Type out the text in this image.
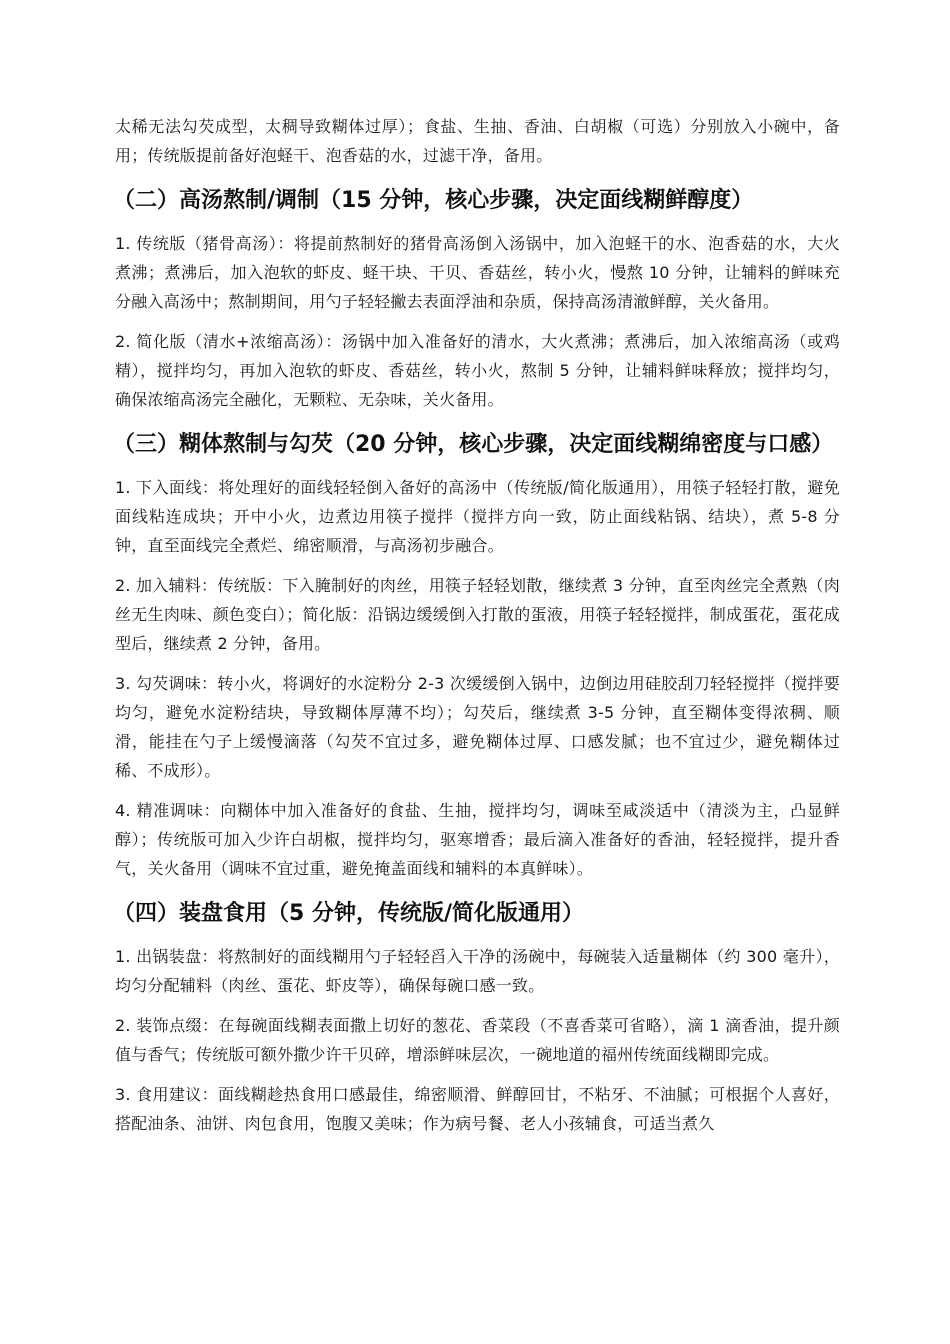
太稀无法勾芡成型，太稠导致糊体过厚）；食盐、生抽、香油、白胡椒（可选）分别放入小碗中，备用；传统版提前备好泡蛏干、泡香菇的水，过滤干净，备用。

（二）高汤熬制/调制（15 分钟，核心步骤，决定面线糊鲜醇度）

1. 传统版（猪骨高汤）：将提前熬制好的猪骨高汤倒入汤锅中，加入泡蛏干的水、泡香菇的水，大火煮沸；煮沸后，加入泡软的虾皮、蛏干块、干贝、香菇丝，转小火，慢熬 10 分钟，让辅料的鲜味充分融入高汤中；熬制期间，用勺子轻轻撇去表面浮油和杂质，保持高汤清澈鲜醇，关火备用。

2. 简化版（清水+浓缩高汤）：汤锅中加入准备好的清水，大火煮沸；煮沸后，加入浓缩高汤（或鸡精），搅拌均匀，再加入泡软的虾皮、香菇丝，转小火，熬制 5 分钟，让辅料鲜味释放；搅拌均匀，确保浓缩高汤完全融化，无颗粒、无杂味，关火备用。

（三）糊体熬制与勾芡（20 分钟，核心步骤，决定面线糊绵密度与口感）

1. 下入面线：将处理好的面线轻轻倒入备好的高汤中（传统版/简化版通用），用筷子轻轻打散，避免面线粘连成块；开中小火，边煮边用筷子搅拌（搅拌方向一致，防止面线粘锅、结块），煮 5-8 分钟，直至面线完全煮烂、绵密顺滑，与高汤初步融合。

2. 加入辅料：传统版：下入腌制好的肉丝，用筷子轻轻划散，继续煮 3 分钟，直至肉丝完全煮熟（肉丝无生肉味、颜色变白）；简化版：沿锅边缓缓倒入打散的蛋液，用筷子轻轻搅拌，制成蛋花，蛋花成型后，继续煮 2 分钟，备用。

3. 勾芡调味：转小火，将调好的水淀粉分 2-3 次缓缓倒入锅中，边倒边用硅胶刮刀轻轻搅拌（搅拌要均匀，避免水淀粉结块，导致糊体厚薄不均）；勾芡后，继续煮 3-5 分钟，直至糊体变得浓稠、顺滑，能挂在勺子上缓慢滴落（勾芡不宜过多，避免糊体过厚、口感发腻；也不宜过少，避免糊体过稀、不成形）。

4. 精准调味：向糊体中加入准备好的食盐、生抽，搅拌均匀，调味至咸淡适中（清淡为主，凸显鲜醇）；传统版可加入少许白胡椒，搅拌均匀，驱寒增香；最后滴入准备好的香油，轻轻搅拌，提升香气，关火备用（调味不宜过重，避免掩盖面线和辅料的本真鲜味）。

（四）装盘食用（5 分钟，传统版/简化版通用）

1. 出锅装盘：将熬制好的面线糊用勺子轻轻舀入干净的汤碗中，每碗装入适量糊体（约 300 毫升），均匀分配辅料（肉丝、蛋花、虾皮等），确保每碗口感一致。

2. 装饰点缀：在每碗面线糊表面撒上切好的葱花、香菜段（不喜香菜可省略），滴 1 滴香油，提升颜值与香气；传统版可额外撒少许干贝碎，增添鲜味层次，一碗地道的福州传统面线糊即完成。

3. 食用建议：面线糊趁热食用口感最佳，绵密顺滑、鲜醇回甘，不粘牙、不油腻；可根据个人喜好，搭配油条、油饼、肉包食用，饱腹又美味；作为病号餐、老人小孩辅食，可适当煮久
